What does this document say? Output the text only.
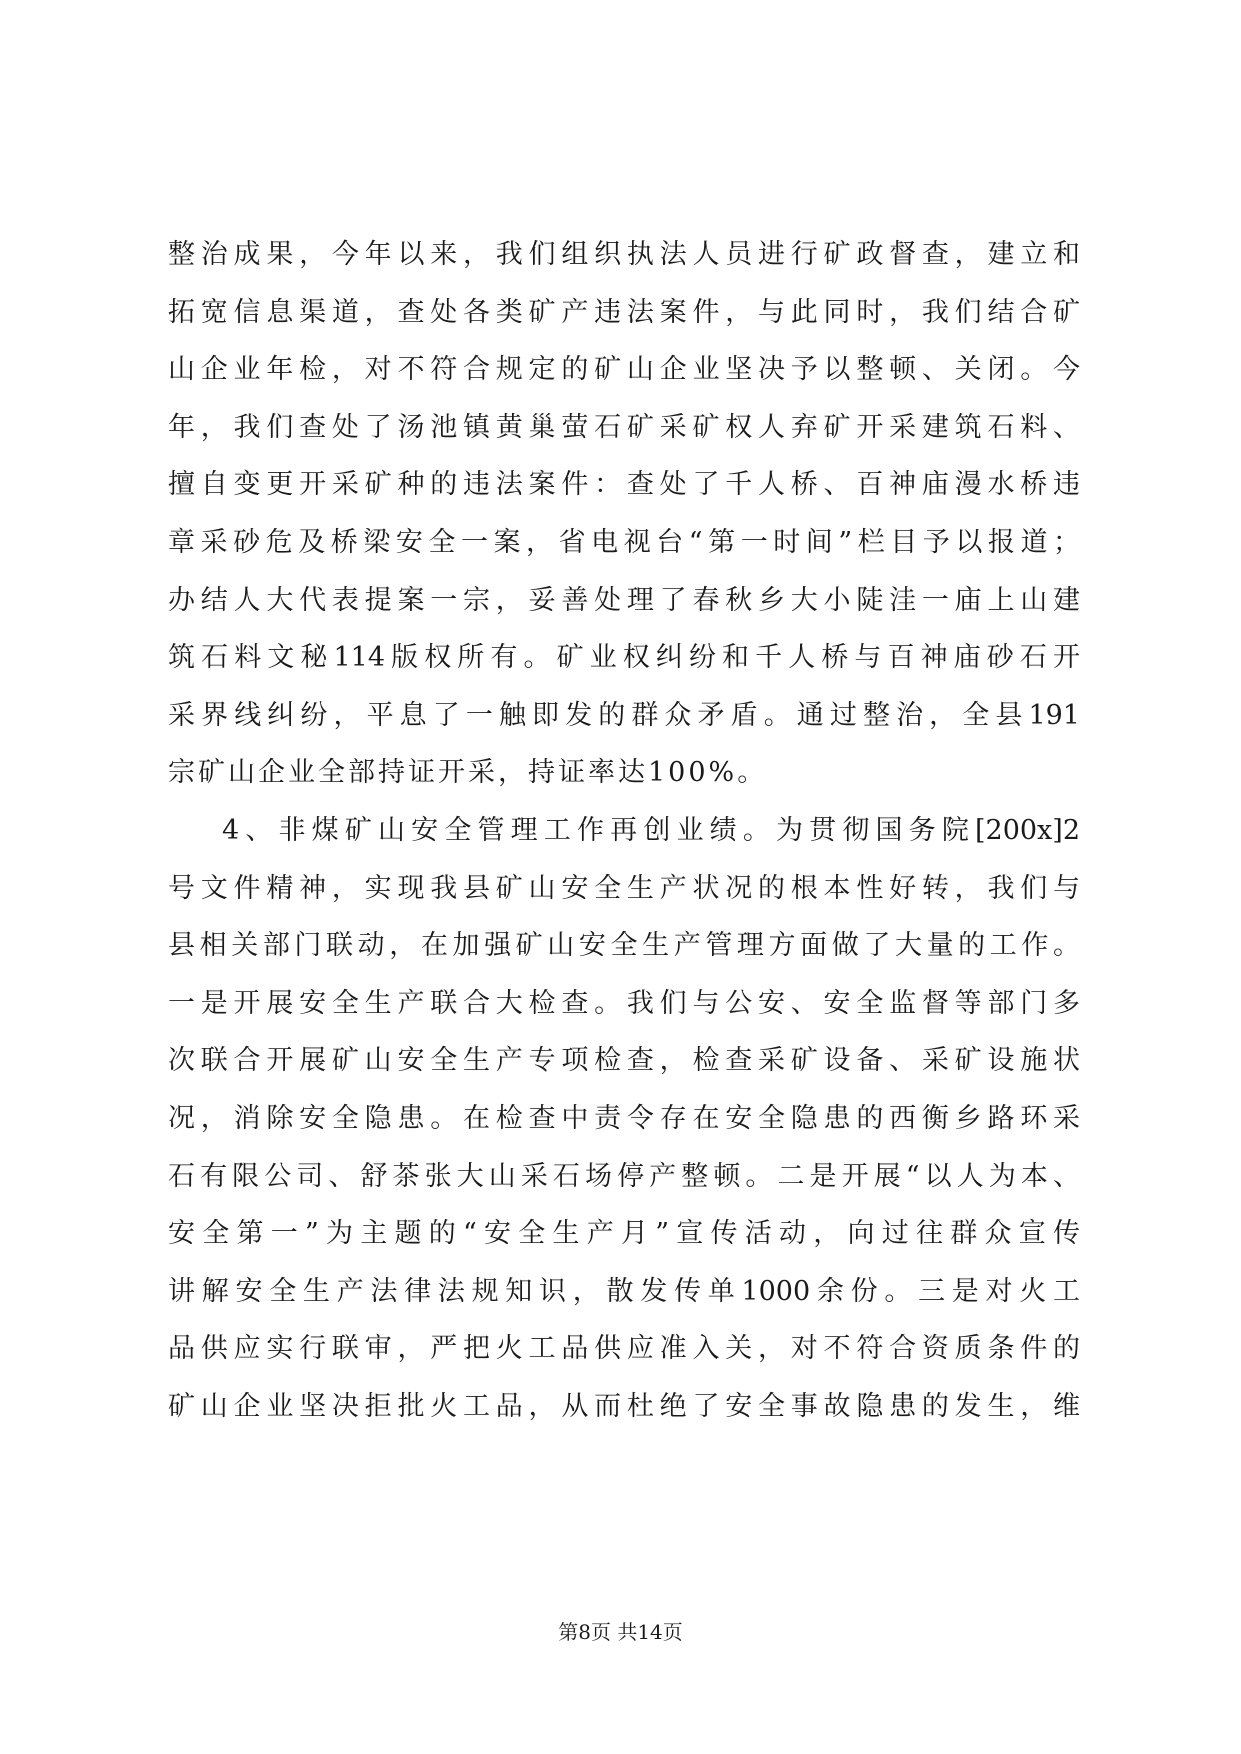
整治成果，今年以来，我们组织执法人员进行矿政督查，建立和
拓宽信息渠道，查处各类矿产违法案件，与此同时，我们结合矿
山企业年检，对不符合规定的矿山企业坚决予以整顿、关闭。今
年，我们查处了汤池镇黄巢萤石矿采矿权人弃矿开采建筑石料、
擅自变更开采矿种的违法案件：查处了千人桥、百神庙漫水桥违
章采砂危及桥梁安全一案，省电视台“第一时间”栏目予以报道；
办结人大代表提案一宗，妥善处理了春秋乡大小陡洼一庙上山建
筑石料文秘114版权所有。矿业权纠纷和千人桥与百神庙砂石开
采界线纠纷，平息了一触即发的群众矛盾。通过整治，全县191
宗矿山企业全部持证开采，持证率达100%。
4、非煤矿山安全管理工作再创业绩。为贯彻国务院[200x]2
号文件精神，实现我县矿山安全生产状况的根本性好转，我们与
县相关部门联动，在加强矿山安全生产管理方面做了大量的工作。
一是开展安全生产联合大检查。我们与公安、安全监督等部门多
次联合开展矿山安全生产专项检查，检查采矿设备、采矿设施状
况，消除安全隐患。在检查中责令存在安全隐患的西衡乡路环采
石有限公司、舒茶张大山采石场停产整顿。二是开展“以人为本、
安全第一”为主题的“安全生产月”宣传活动，向过往群众宣传
讲解安全生产法律法规知识，散发传单1000余份。三是对火工
品供应实行联审，严把火工品供应准入关，对不符合资质条件的
矿山企业坚决拒批火工品，从而杜绝了安全事故隐患的发生，维
第8页 共14页
